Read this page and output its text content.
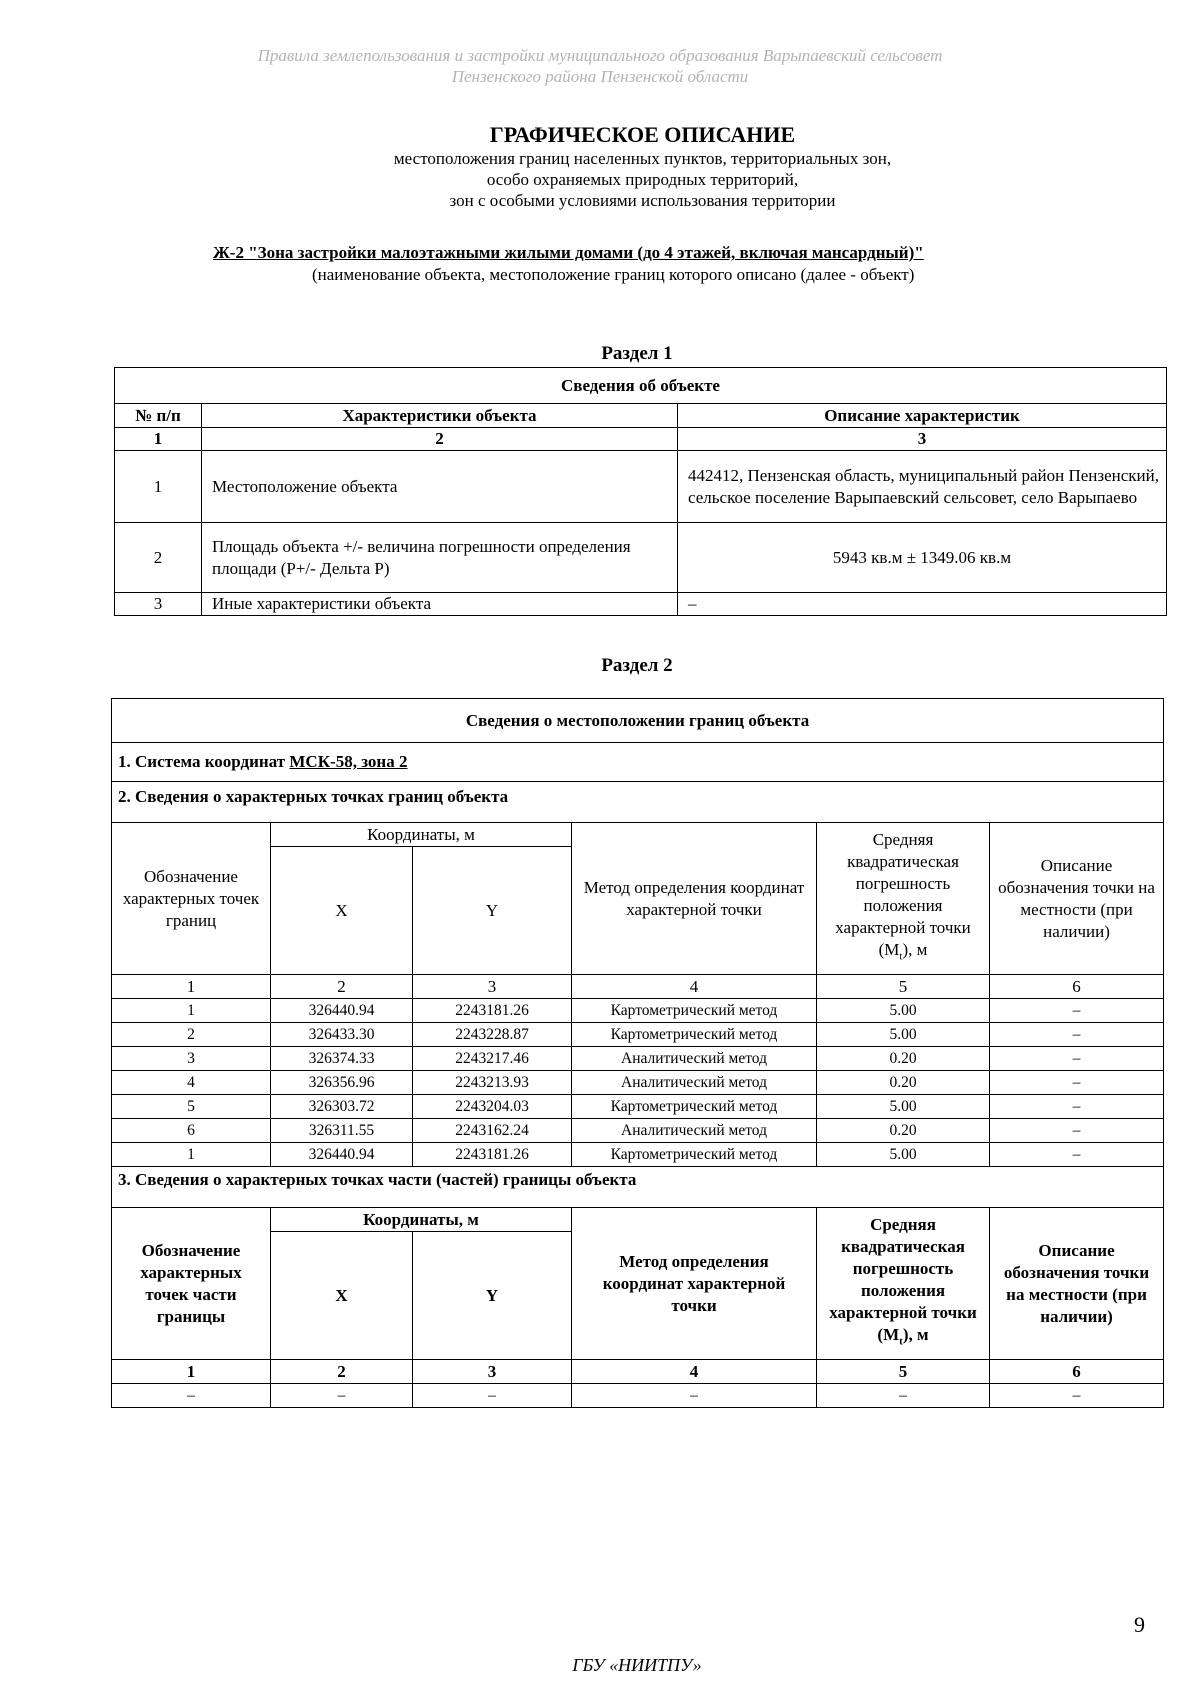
Правила землепользования и застройки муниципального образования Варыпаевский сельсовет
Пензенского района Пензенской области
ГРАФИЧЕСКОЕ ОПИСАНИЕ
местоположения границ населенных пунктов, территориальных зон,
особо охраняемых природных территорий,
зон с особыми условиями использования территории
Ж-2 "Зона застройки малоэтажными жилыми домами (до 4 этажей, включая мансардный)"
(наименование объекта, местоположение границ которого описано (далее - объект)
Раздел 1
Сведения об объекте		
№ п/п	Характеристики объекта	Описание характеристик
1	2	3
1	Местоположение объекта	442412, Пензенская область, муниципальный район Пензенский, сельское поселение Варыпаевский сельсовет, село Варыпаево
2	Площадь объекта +/- величина погрешности определения площади (P+/- Дельта P)	5943 кв.м ± 1349.06 кв.м
3	Иные характеристики объекта	–
Раздел 2
Сведения о местоположении границ объекта					
1. Система координат МСК-58, зона 2					
2. Сведения о характерных точках границ объекта					
Обозначение характерных точек границ	Координаты, м		Метод определения координат характерной точки	Средняя квадратическая погрешность положения характерной точки $(M_t)$, м	Описание обозначения точки на местности (при наличии)
	X	Y			
1	2	3	4	5	6
1	326440.94	2243181.26	Картометрический метод	5.00	–
2	326433.30	2243228.87	Картометрический метод	5.00	–
3	326374.33	2243217.46	Аналитический метод	0.20	–
4	326356.96	2243213.93	Аналитический метод	0.20	–
5	326303.72	2243204.03	Картометрический метод	5.00	–
6	326311.55	2243162.24	Аналитический метод	0.20	–
1	326440.94	2243181.26	Картометрический метод	5.00	–
3. Сведения о характерных точках части (частей) границы объекта					
Обозначение характерных точек части границы	Координаты, м		Метод определения координат характерной точки	Средняя квадратическая погрешность положения характерной точки $(M_t)$, м	Описание обозначения точки на местности (при наличии)
	X	Y			
1	2	3	4	5	6
–	–	–	–	–	–
9
ГБУ «НИИТПУ»
